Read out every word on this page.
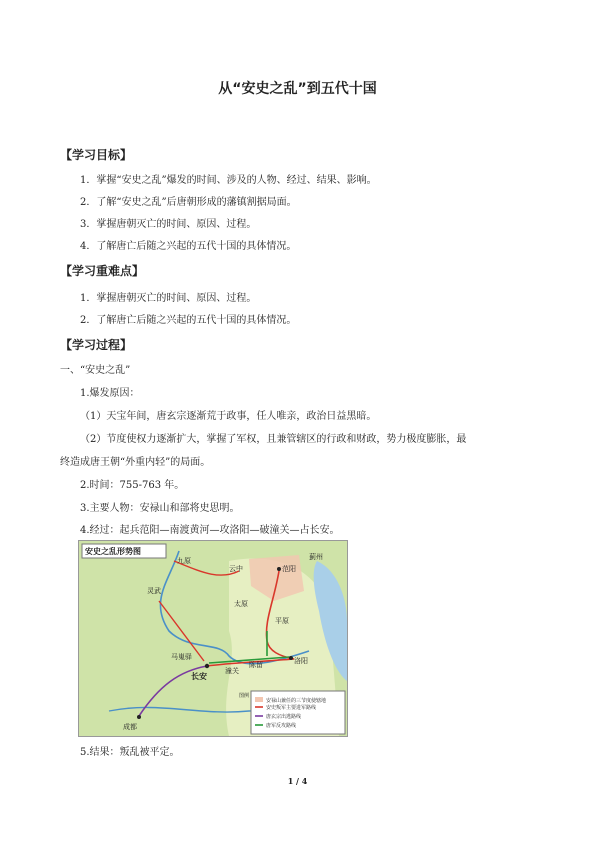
从“安史之乱”到五代十国
【学习目标】
1．掌握“安史之乱”爆发的时间、涉及的人物、经过、结果、影响。
2．了解“安史之乱”后唐朝形成的藩镇割据局面。
3．掌握唐朝灭亡的时间、原因、过程。
4．了解唐亡后随之兴起的五代十国的具体情况。
【学习重难点】
1．掌握唐朝灭亡的时间、原因、过程。
2．了解唐亡后随之兴起的五代十国的具体情况。
【学习过程】
一、“安史之乱”
1.爆发原因：
（1）天宝年间，唐玄宗逐渐荒于政事，任人唯亲，政治日益黑暗。
（2）节度使权力逐渐扩大，掌握了军权，且兼管辖区的行政和财政，势力极度膨胀，最
终造成唐王朝“外重内轻”的局面。
2.时间：755-763 年。
3.主要人物：安禄山和部将史思明。
4.经过：起兵范阳—南渡黄河—攻洛阳—破潼关—占长安。
安史之乱形势图
九原
云中
太原
范阳
蓟州
灵武
马嵬驿
长安
潼关
洛阳
成都
陈留
平原
图例
安禄山兼任的三节度使辖地
安史叛军主要进军路线
唐玄宗出逃路线
唐军反攻路线
5.结果：叛乱被平定。
1 / 4
